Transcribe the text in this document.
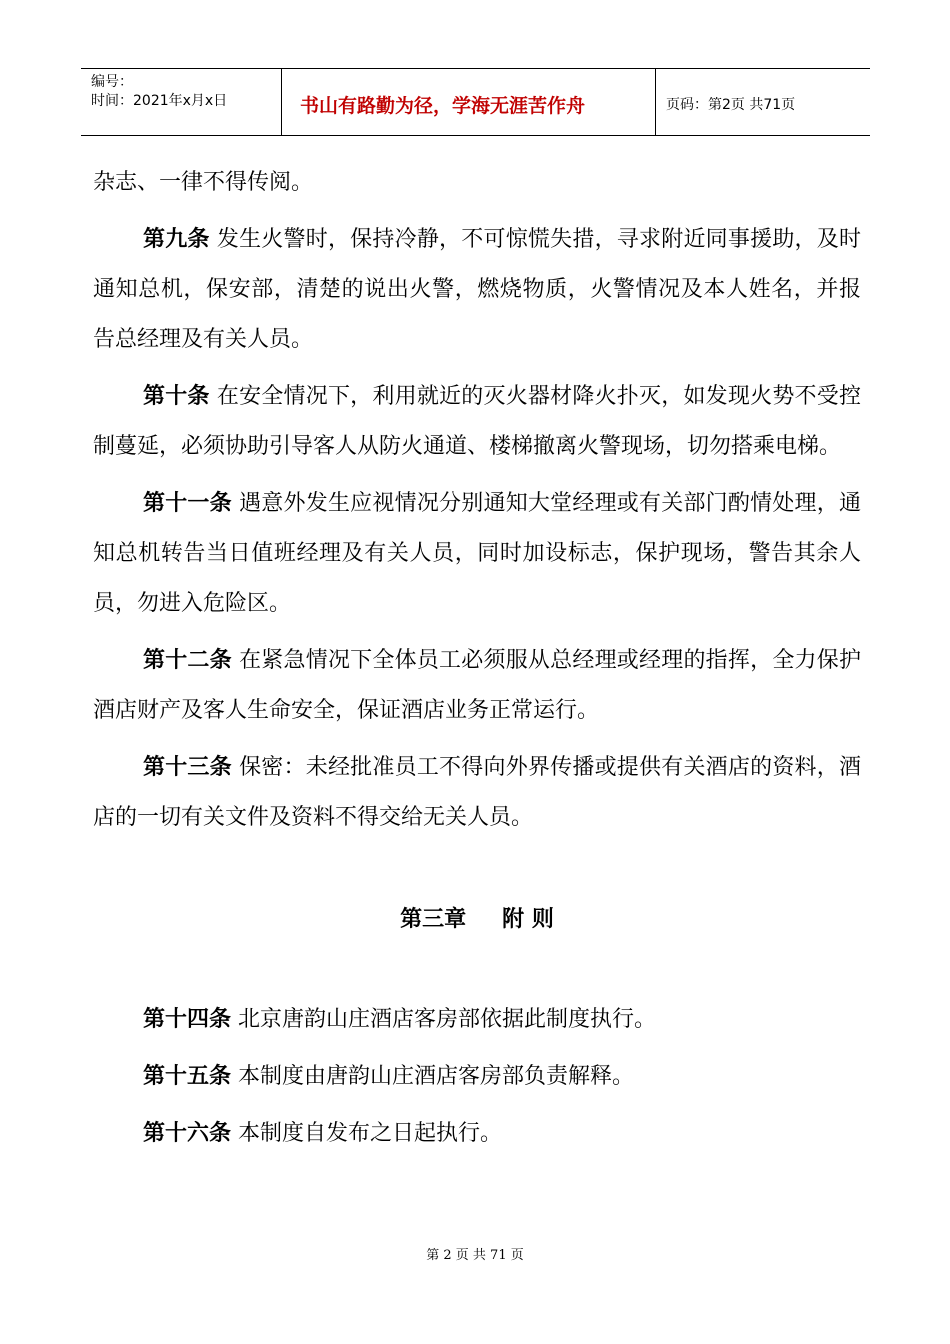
编号：
时间：2021年x月x日	书山有路勤为径，学海无涯苦作舟	页码：第2页 共71页

杂志、一律不得传阅。

第九条 发生火警时，保持冷静，不可惊慌失措，寻求附近同事援助，及时通知总机，保安部，清楚的说出火警，燃烧物质，火警情况及本人姓名，并报告总经理及有关人员。

第十条 在安全情况下，利用就近的灭火器材降火扑灭，如发现火势不受控制蔓延，必须协助引导客人从防火通道、楼梯撤离火警现场，切勿搭乘电梯。

第十一条 遇意外发生应视情况分别通知大堂经理或有关部门酌情处理，通知总机转告当日值班经理及有关人员，同时加设标志，保护现场，警告其余人员，勿进入危险区。

第十二条 在紧急情况下全体员工必须服从总经理或经理的指挥，全力保护酒店财产及客人生命安全，保证酒店业务正常运行。

第十三条 保密：未经批准员工不得向外界传播或提供有关酒店的资料，酒店的一切有关文件及资料不得交给无关人员。

第三章 附 则

第十四条 北京唐韵山庄酒店客房部依据此制度执行。

第十五条 本制度由唐韵山庄酒店客房部负责解释。

第十六条 本制度自发布之日起执行。

第 2 页 共 71 页
